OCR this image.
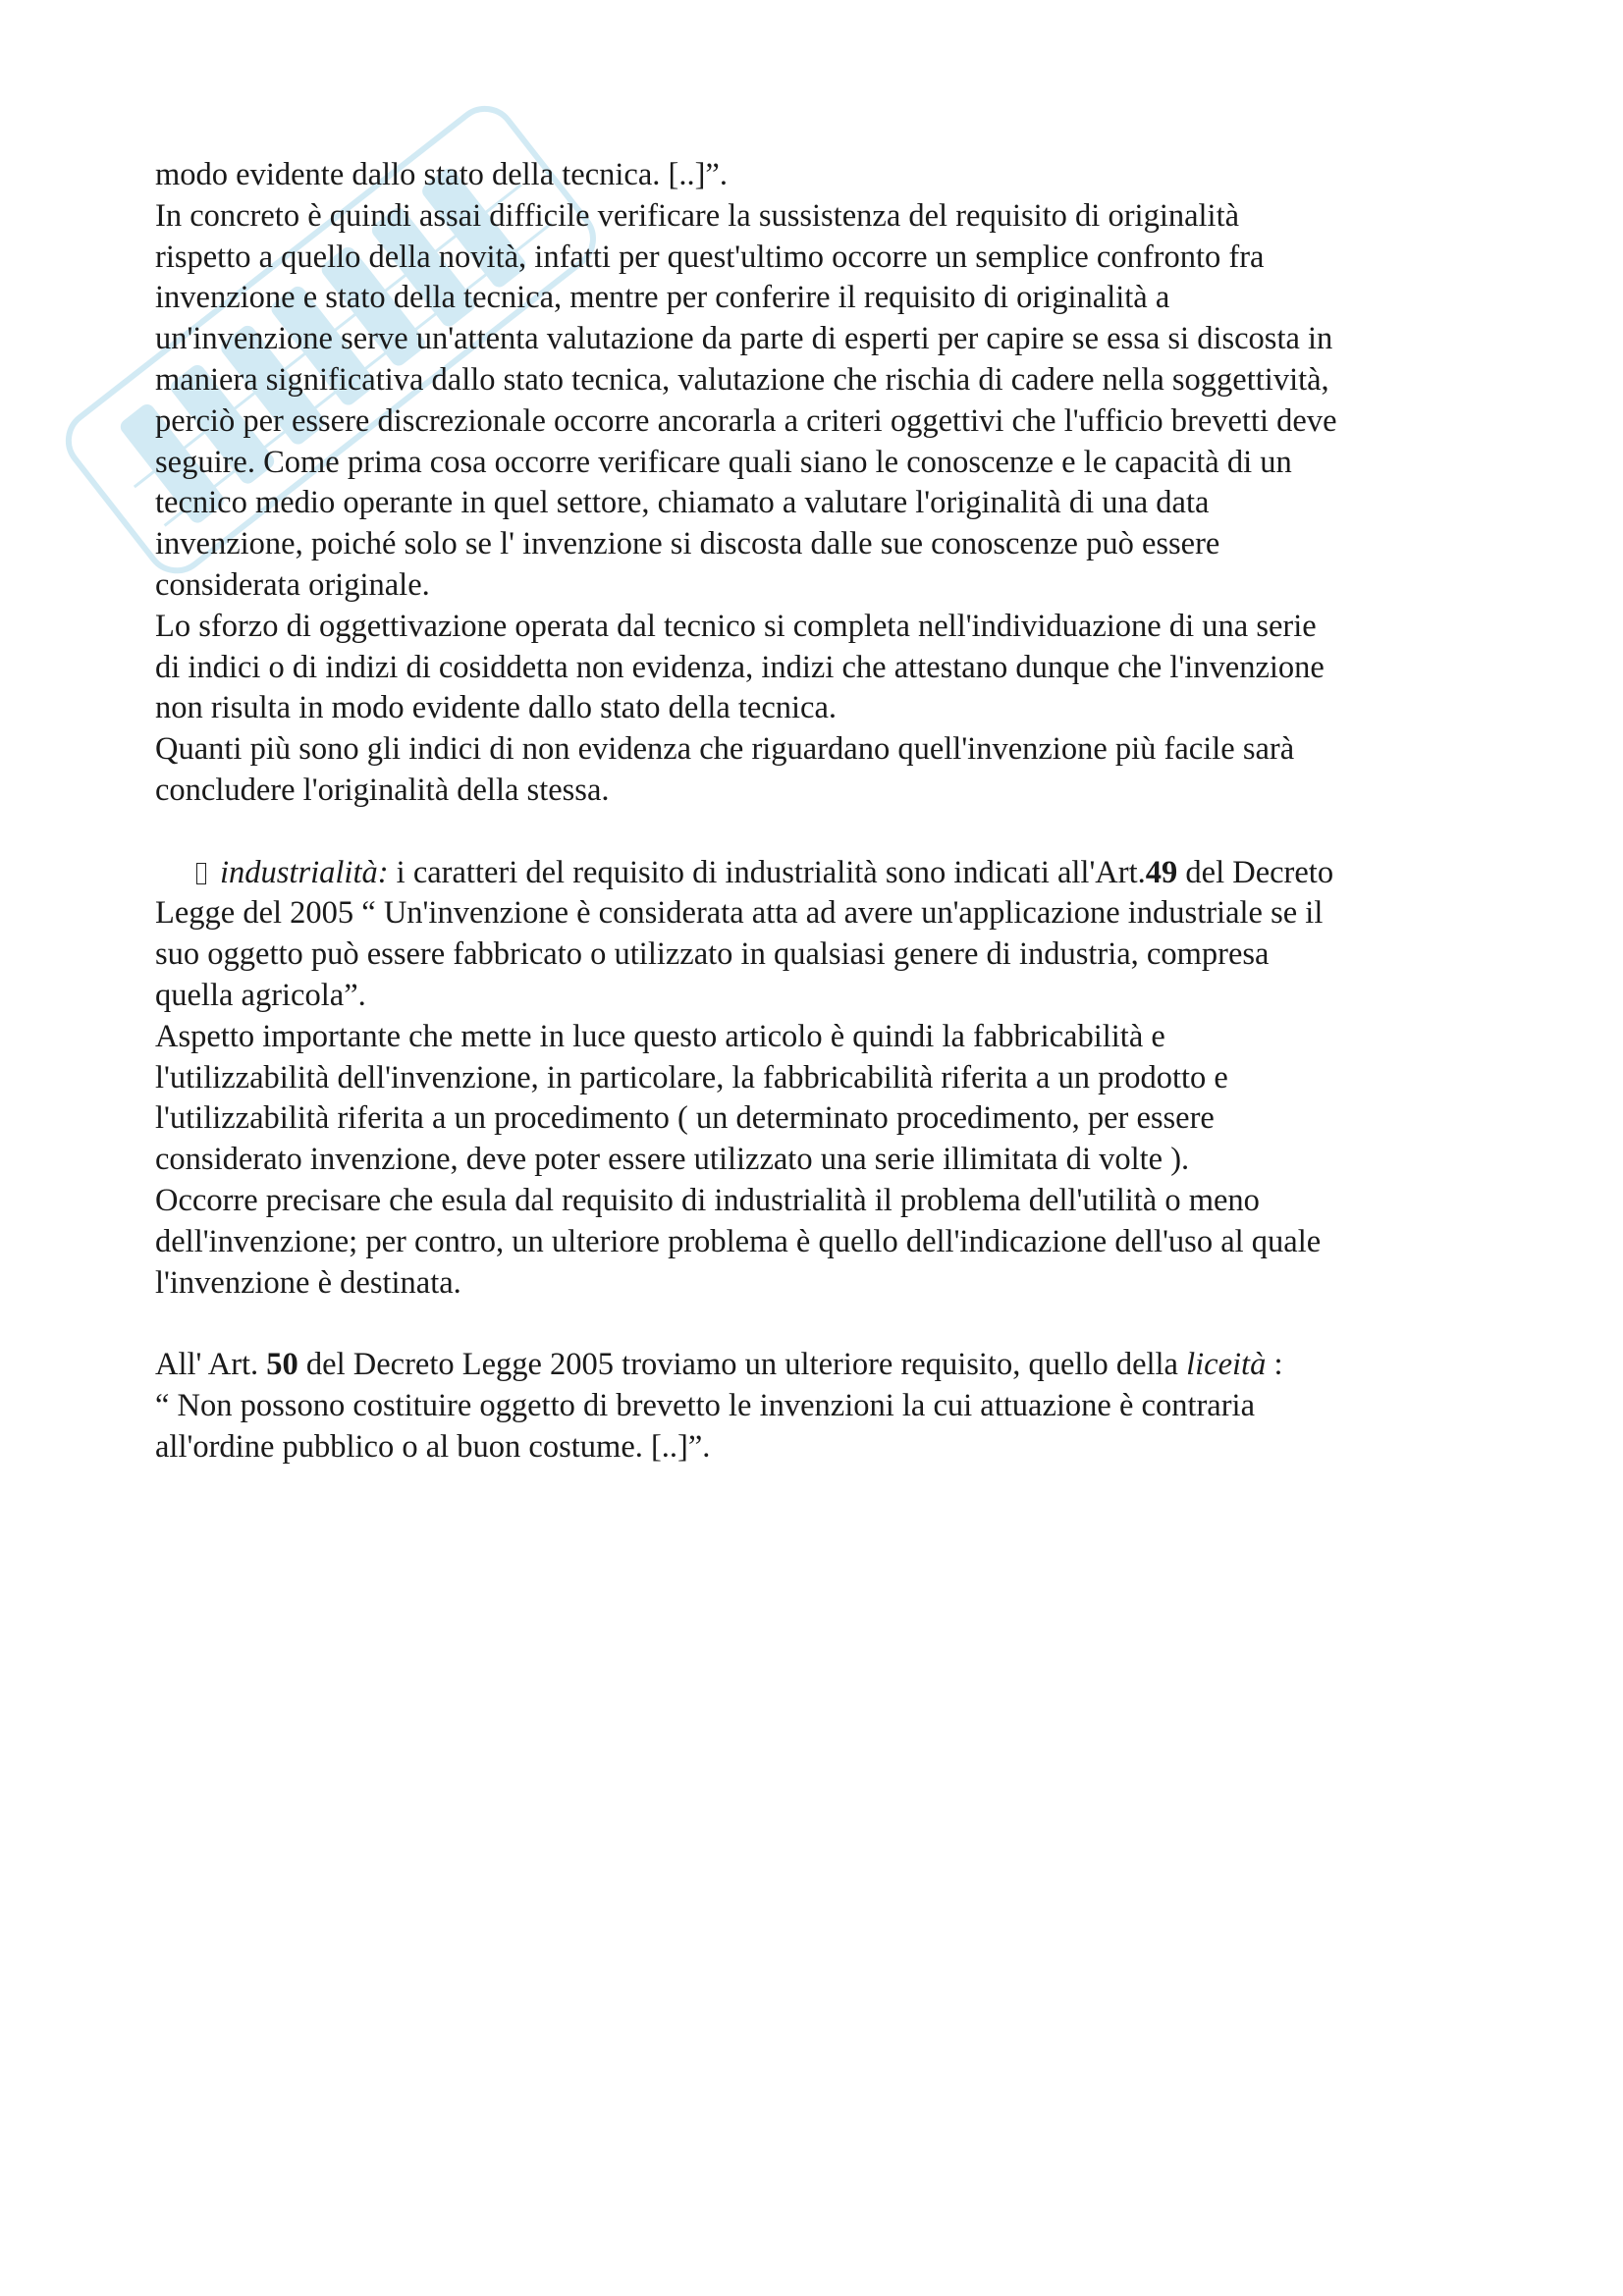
modo evidente dallo stato della tecnica. [..]”.
In concreto è quindi assai difficile verificare la sussistenza del requisito di originalità
rispetto a quello della novità, infatti per quest'ultimo occorre un semplice confronto fra
invenzione e stato della tecnica, mentre per conferire il requisito di originalità a
un'invenzione serve un'attenta valutazione da parte di esperti per capire se essa si discosta in
maniera significativa dallo stato tecnica, valutazione che rischia di cadere nella soggettività,
perciò per essere discrezionale occorre ancorarla a criteri oggettivi che l'ufficio brevetti deve
seguire. Come prima cosa occorre verificare quali siano le conoscenze e le capacità di un
tecnico medio operante in quel settore, chiamato a valutare l'originalità di una data
invenzione, poiché solo se l' invenzione si discosta dalle sue conoscenze può essere
considerata originale.
Lo sforzo di oggettivazione operata dal tecnico si completa nell'individuazione di una serie
di indici o di indizi di cosiddetta non evidenza, indizi che attestano dunque che l'invenzione
non risulta in modo evidente dallo stato della tecnica.
Quanti più sono gli indici di non evidenza che riguardano quell'invenzione più facile sarà
concludere l'originalità della stessa.
industrialità: i caratteri del requisito di industrialità sono indicati all'Art.49 del Decreto
Legge del 2005 “ Un'invenzione è considerata atta ad avere un'applicazione industriale se il
suo oggetto può essere fabbricato o utilizzato in qualsiasi genere di industria, compresa
quella agricola”.
Aspetto importante che mette in luce questo articolo è quindi la fabbricabilità e
l'utilizzabilità dell'invenzione, in particolare, la fabbricabilità riferita a un prodotto e
l'utilizzabilità riferita a un procedimento ( un determinato procedimento, per essere
considerato invenzione, deve poter essere utilizzato una serie illimitata di volte ).
Occorre precisare che esula dal requisito di industrialità il problema dell'utilità o meno
dell'invenzione; per contro, un ulteriore problema è quello dell'indicazione dell'uso al quale
l'invenzione è destinata.
All' Art. 50 del Decreto Legge 2005 troviamo un ulteriore requisito, quello della liceità :
“ Non possono costituire oggetto di brevetto le invenzioni la cui attuazione è contraria
all'ordine pubblico o al buon costume. [..]”.
